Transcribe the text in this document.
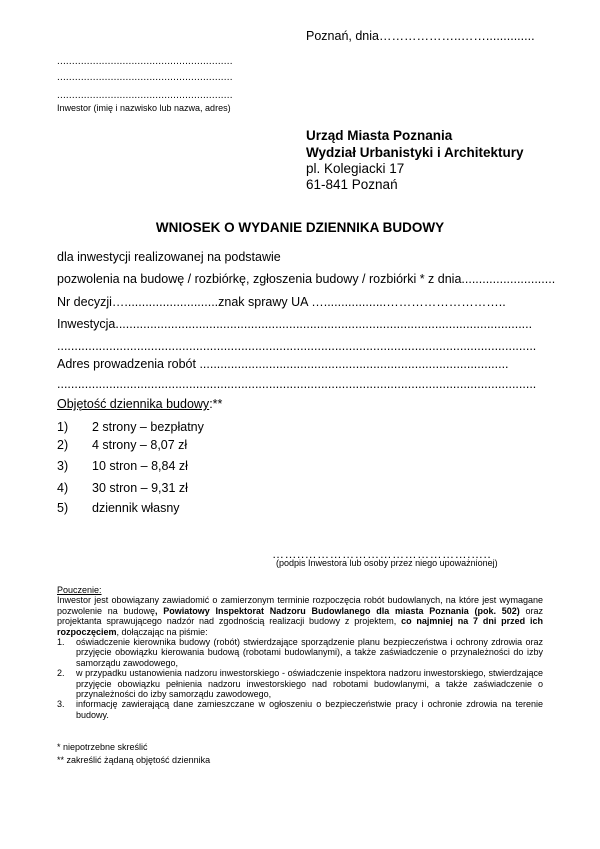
Poznań, dnia………………..……..............
...........................................................
...........................................................
...........................................................
Inwestor (imię i nazwisko lub nazwa, adres)
Urząd Miasta Poznania
Wydział Urbanistyki i Architektury
pl. Kolegiacki 17
61-841 Poznań
WNIOSEK O WYDANIE DZIENNIKA BUDOWY
dla inwestycji realizowanej na podstawie
pozwolenia na budowę / rozbiórkę, zgłoszenia budowy / rozbiórki * z dnia...........................
Nr decyzji…...........................znak sprawy UA …..................………………………..
Inwestycja........................................................................................................................
..........................................................................................................................................
Adres prowadzenia robót .........................................................................................
..........................................................................................................................................
Objętość dziennika budowy:**
1) 2 strony – bezpłatny
2) 4 strony – 8,07 zł
3) 10 stron – 8,84 zł
4) 30 stron – 9,31 zł
5) dziennik własny
……..………………………………….…..
(podpis Inwestora lub osoby przez niego upoważnionej)
Pouczenie:
Inwestor jest obowiązany zawiadomić o zamierzonym terminie rozpoczęcia robót budowlanych, na które jest wymagane pozwolenie na budowę, Powiatowy Inspektorat Nadzoru Budowlanego dla miasta Poznania (pok. 502) oraz projektanta sprawującego nadzór nad zgodnością realizacji budowy z projektem, co najmniej na 7 dni przed ich rozpoczęciem, dołączając na piśmie:
1. oświadczenie kierownika budowy (robót) stwierdzające sporządzenie planu bezpieczeństwa i ochrony zdrowia oraz przyjęcie obowiązku kierowania budową (robotami budowlanymi), a także zaświadczenie o przynależności do izby samorządu zawodowego,
2. w przypadku ustanowienia nadzoru inwestorskiego - oświadczenie inspektora nadzoru inwestorskiego, stwierdzające przyjęcie obowiązku pełnienia nadzoru inwestorskiego nad robotami budowlanymi, a także zaświadczenie o przynależności do izby samorządu zawodowego,
3. informację zawierającą dane zamieszczane w ogłoszeniu o bezpieczeństwie pracy i ochronie zdrowia na terenie budowy.
* niepotrzebne skreślić
** zakreślić żądaną objętość dziennika
